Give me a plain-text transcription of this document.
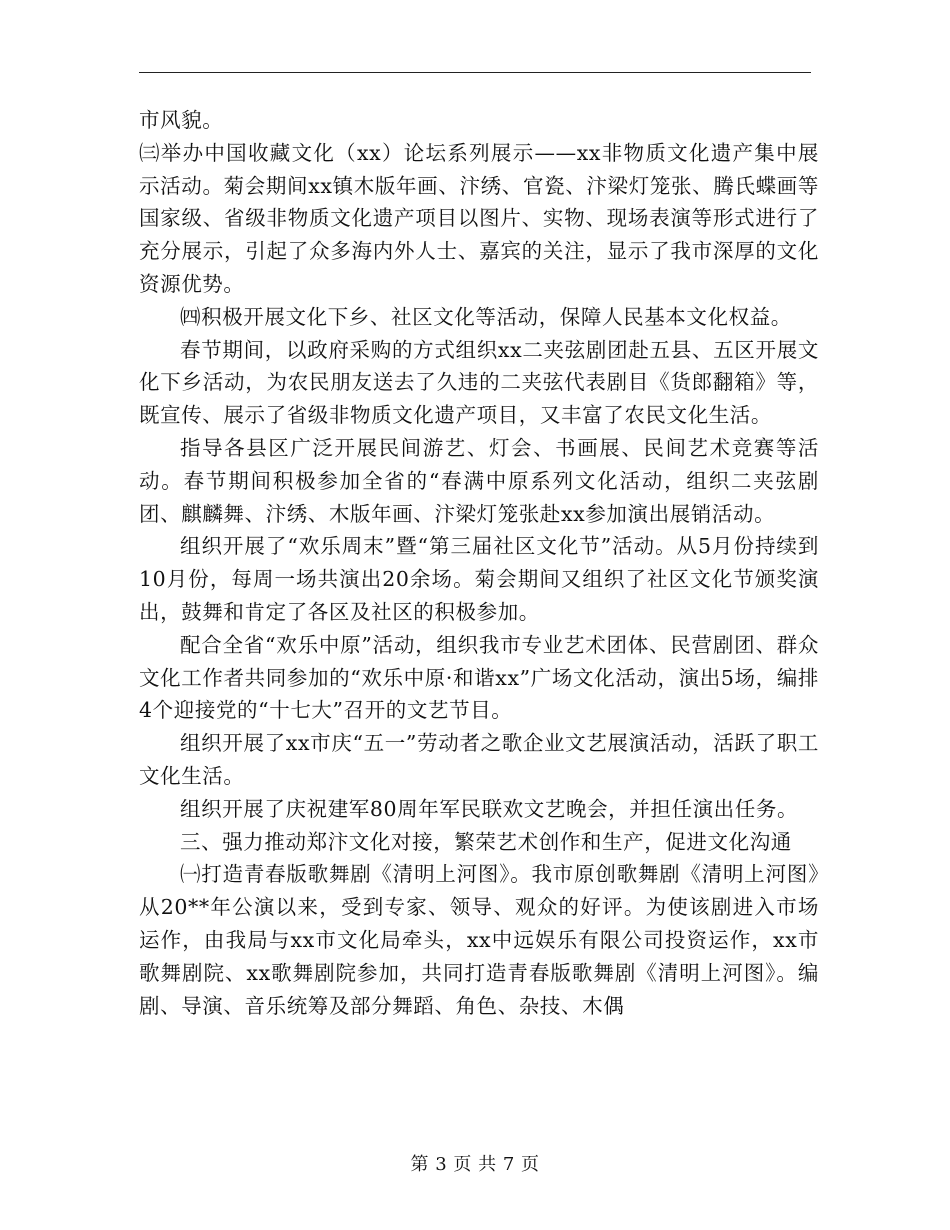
市风貌。

㈢举办中国收藏文化（xx）论坛系列展示——xx非物质文化遗产集中展示活动。菊会期间xx镇木版年画、汴绣、官瓷、汴梁灯笼张、腾氏蝶画等国家级、省级非物质文化遗产项目以图片、实物、现场表演等形式进行了充分展示，引起了众多海内外人士、嘉宾的关注，显示了我市深厚的文化资源优势。

㈣积极开展文化下乡、社区文化等活动，保障人民基本文化权益。

春节期间，以政府采购的方式组织xx二夹弦剧团赴五县、五区开展文化下乡活动，为农民朋友送去了久违的二夹弦代表剧目《货郎翻箱》等，既宣传、展示了省级非物质文化遗产项目，又丰富了农民文化生活。

指导各县区广泛开展民间游艺、灯会、书画展、民间艺术竞赛等活动。春节期间积极参加全省的“春满中原系列文化活动，组织二夹弦剧团、麒麟舞、汴绣、木版年画、汴梁灯笼张赴xx参加演出展销活动。

组织开展了“欢乐周末”暨“第三届社区文化节”活动。从5月份持续到10月份，每周一场共演出20余场。菊会期间又组织了社区文化节颁奖演出，鼓舞和肯定了各区及社区的积极参加。

配合全省“欢乐中原”活动，组织我市专业艺术团体、民营剧团、群众文化工作者共同参加的“欢乐中原·和谐xx”广场文化活动，演出5场，编排4个迎接党的“十七大”召开的文艺节目。

组织开展了xx市庆“五一”劳动者之歌企业文艺展演活动，活跃了职工文化生活。

组织开展了庆祝建军80周年军民联欢文艺晚会，并担任演出任务。

三、强力推动郑汴文化对接，繁荣艺术创作和生产，促进文化沟通

㈠打造青春版歌舞剧《清明上河图》。我市原创歌舞剧《清明上河图》从20**年公演以来，受到专家、领导、观众的好评。为使该剧进入市场运作，由我局与xx市文化局牵头，xx中远娱乐有限公司投资运作，xx市歌舞剧院、xx歌舞剧院参加，共同打造青春版歌舞剧《清明上河图》。编剧、导演、音乐统筹及部分舞蹈、角色、杂技、木偶

第 3 页 共 7 页
